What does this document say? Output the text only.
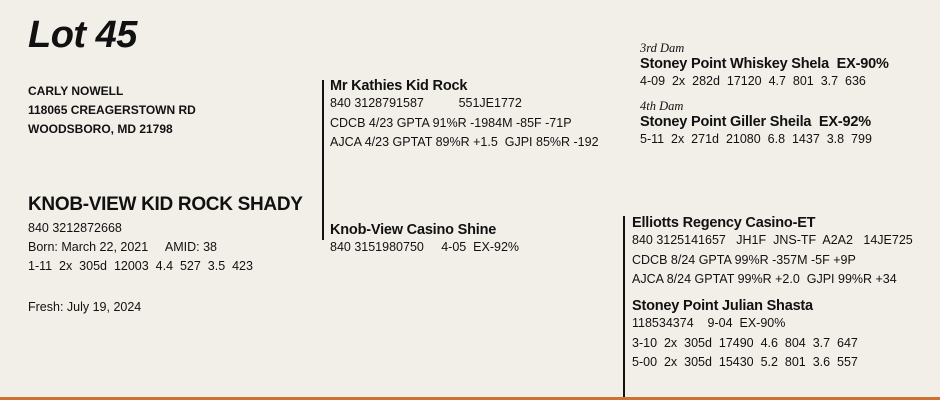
Lot 45
CARLY NOWELL
118065 CREAGERSTOWN RD
WOODSBORO, MD 21798
KNOB-VIEW KID ROCK SHADY
840 3212872668
Born: March 22, 2021     AMID: 38
1-11  2x  305d  12003  4.4  527  3.5  423
Fresh: July 19, 2024
Mr Kathies Kid Rock
840 3128791587          551JE1772
CDCB 4/23 GPTA 91%R -1984M -85F -71P
AJCA 4/23 GPTAT 89%R +1.5  GJPI 85%R -192
Knob-View Casino Shine
840 3151980750     4-05  EX-92%
3rd Dam
Stoney Point Whiskey Shela  EX-90%
4-09  2x  282d  17120  4.7  801  3.7  636
4th Dam
Stoney Point Giller Sheila  EX-92%
5-11  2x  271d  21080  6.8  1437  3.8  799
Elliotts Regency Casino-ET
840 3125141657   JH1F  JNS-TF  A2A2   14JE725
CDCB 8/24 GPTA 99%R -357M -5F +9P
AJCA 8/24 GPTAT 99%R +2.0  GJPI 99%R +34
Stoney Point Julian Shasta
118534374    9-04  EX-90%
3-10  2x  305d  17490  4.6  804  3.7  647
5-00  2x  305d  15430  5.2  801  3.6  557
